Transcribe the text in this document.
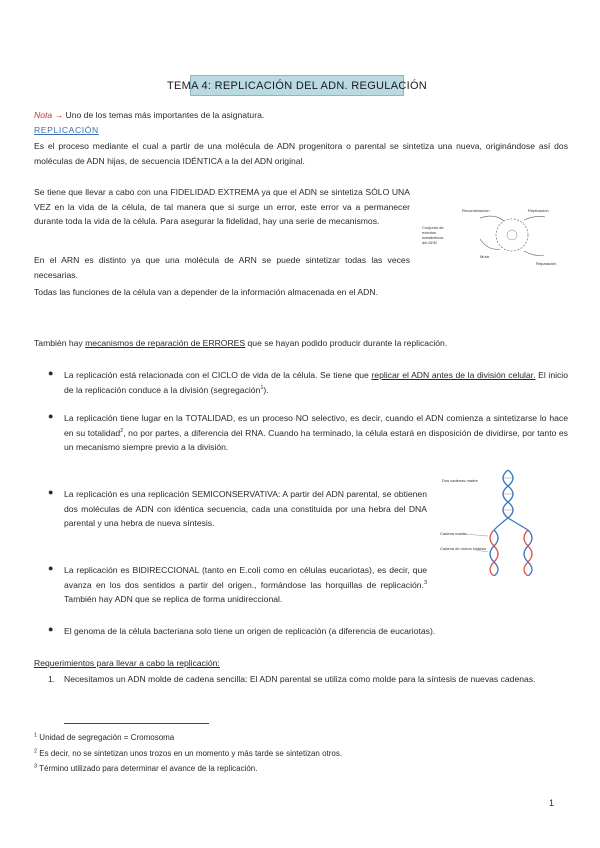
TEMA 4: REPLICACIÓN DEL ADN. REGULACIÓN
Nota → Uno de los temas más importantes de la asignatura.
REPLICACIÓN
Es el proceso mediante el cual a partir de una molécula de ADN progenitora o parental se sintetiza una nueva, originándose así dos moléculas de ADN hijas, de secuencia IDÉNTICA a la del ADN original.
Se tiene que llevar a cabo con una FIDELIDAD EXTREMA ya que el ADN se sintetiza SÓLO UNA VEZ en la vida de la célula, de tal manera que si surge un error, este error va a permanecer durante toda la vida de la célula. Para asegurar la fidelidad, hay una serie de mecanismos.
En el ARN es distinto ya que una molécula de ARN se puede sintetizar todas las veces necesarias.
Todas las funciones de la célula van a depender de la información almacenada en el ADN.
Recombinación	Replicación
Conjunto de eventos metabólicos del ADN
Muta
Reparación
También hay mecanismos de reparación de ERRORES que se hayan podido producir durante la replicación.
● La replicación está relacionada con el CICLO de vida de la célula. Se tiene que replicar el ADN antes de la división celular. El inicio de la replicación conduce a la división (segregación$^1$).
● La replicación tiene lugar en la TOTALIDAD, es un proceso NO selectivo, es decir, cuando el ADN comienza a sintetizarse lo hace en su totalidad$^2$, no por partes, a diferencia del RNA. Cuando ha terminado, la célula estará en disposición de dividirse, por tanto es un mecanismo siempre previo a la división.
● La replicación es una replicación SEMICONSERVATIVA: A partir del ADN parental, se obtienen dos moléculas de ADN con idéntica secuencia, cada una constituida por una hebra del DNA parental y una hebra de nueva síntesis.
● La replicación es BIDIRECCIONAL (tanto en E.coli como en células eucariotas), es decir, que avanza en los dos sentidos a partir del origen., formándose las horquillas de replicación.$^3$ También hay ADN que se replica de forma unidireccional.
● El genoma de la célula bacteriana solo tiene un origen de replicación (a diferencia de eucariotas).
Dos cadenas madre
Cadena madre
Cadena de nueva síntesis
Requerimientos para llevar a cabo la replicación:
1. Necesitamos un ADN molde de cadena sencilla: El ADN parental se utiliza como molde para la síntesis de nuevas cadenas.
$^1$ Unidad de segregación = Cromosoma
$^2$ Es decir, no se sintetizan unos trozos en un momento y más tarde se sintetizan otros.
$^3$ Término utilizado para determinar el avance de la replicación.
1
